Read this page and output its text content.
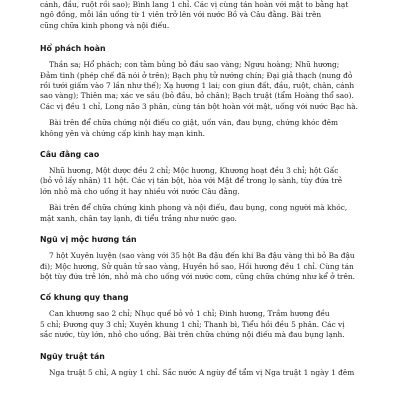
cánh, đầu, ruột rồi sao); Bình lang 1 chỉ. Các vị cùng tán hoàn với mật to bằng hạt

ngô đồng, mỗi lần uống từ 1 viên trở lên với nước Bồ và Câu đằng. Bài trên

cũng chữa kinh phong và nội điếu.

Hổ phách hoàn

Thần sa; Hổ phách; con tằm bủng bỏ đầu sao vàng; Ngưu hoàng; Nhũ hương;

Đảm tinh (phép chế đã nói ở trên); Bạch phụ tử nướng chín; Đại giả thạch (nung đỏ

rồi tưới giấm vào 7 lần như thế); Xạ hương 1 lai; con giun đất, đầu, ruột, chân, cánh

sao vàng); Thiên ma; xác ve sầu (bỏ đầu, bỏ chân); Bạch truật (tẩm Hoàng thổ sao).

Các vị đều 1 chỉ, Long não 3 phân, cùng tán bột hoàn với mật, uống với nước Bạc hà.

Bài trên để chữa chứng nội điếu co giật, uốn ván, đau bụng, chứng khóc đêm

không yên và chứng cấp kinh hay mạn kinh.

Câu đằng cao

Nhũ hương, Một dược đều 2 chỉ; Mộc hương, Khương hoạt đều 3 chỉ; hột Gấc

(bỏ vỏ lấy nhân) 11 hột. Các vị tán bột, hòa với Mật để trong lọ sành, tùy đứa trẻ

lớn nhỏ mà cho uống ít hay nhiều với nước Câu đằng.

Bài trên để chữa chứng kinh phong và nội điếu, đau bụng, cong người mà khóc,

mặt xanh, chân tay lạnh, đi tiểu trắng như nước gạo.

Ngũ vị mộc hương tán

7 hột Xuyên luyện (sao vàng với 35 hột Ba đậu đến khi Ba đậu vàng thì bỏ Ba đậu

đi); Mộc hương, Sử quân tử sao vàng, Huyền hồ sao, Hồi hương đều 1 chỉ. Cùng tán

bột tùy đứa trẻ lớn, nhỏ mà cho uống với nước cơm, cũng chữa chứng như kể ở trên.

Cố khung quy thang

Can khương sao 2 chỉ; Nhục quế bỏ vỏ 1 chỉ; Đinh hương, Trầm hương đều

5 chỉ; Đương quy 3 chỉ; Xuyên khung 1 chỉ; Thanh bì, Tiểu hồi đều 5 phân. Các vị

sắc nước, tùy lớn, nhỏ cho uống. Bài trên chữa chứng nội điếu mà đau bụng lạnh.

Ngũy truật tán

Nga truật 5 chỉ, A ngùy 1 chỉ. Sắc nước A ngùy để tẩm vị Nga truật 1 ngày 1 đêm
